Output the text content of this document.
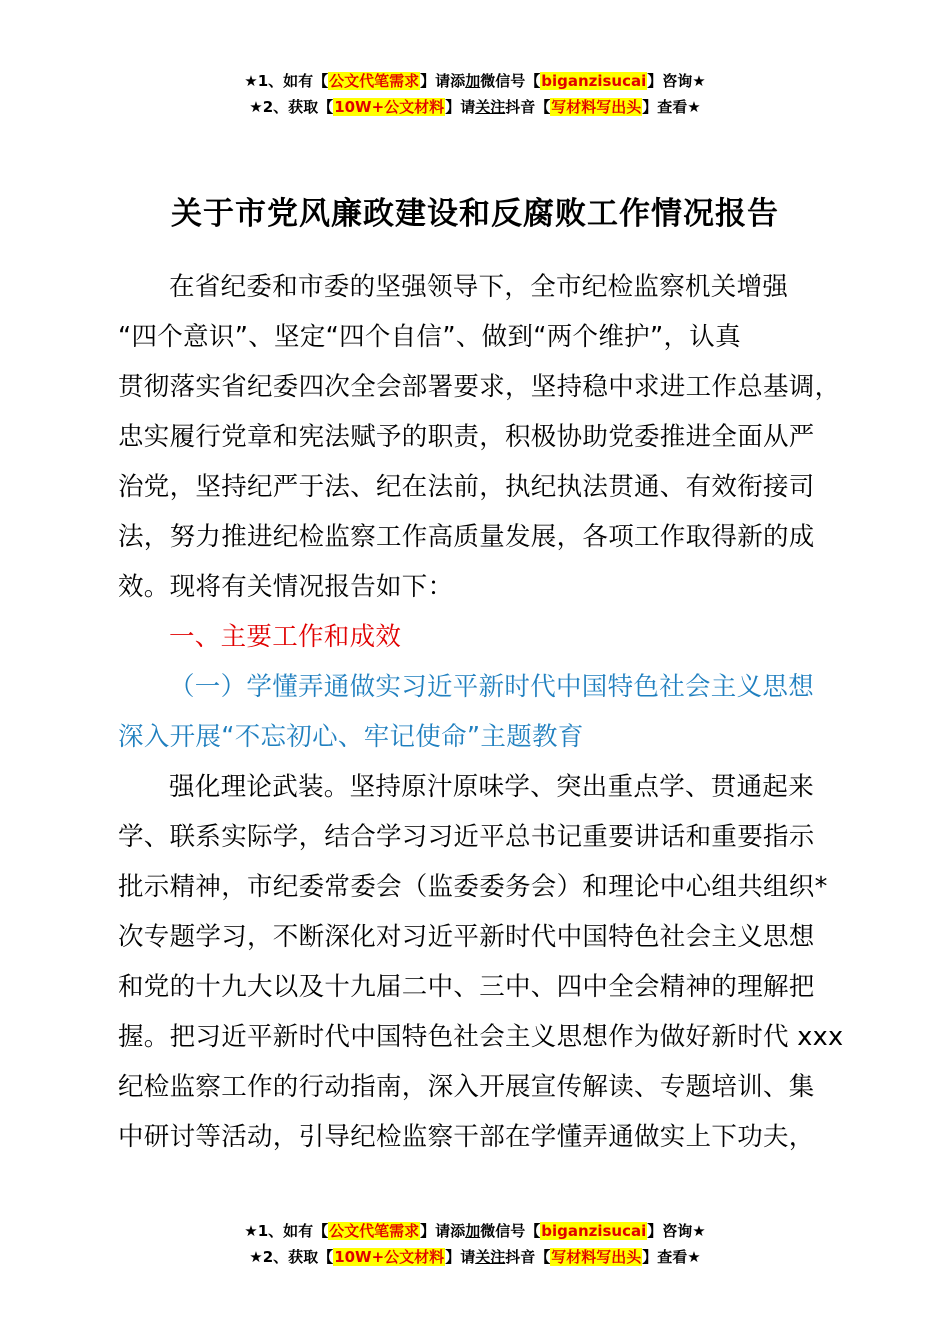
★1、如有【公文代笔需求】请添加微信号【biganzisucai】咨询★
★2、获取【10W+公文材料】请关注抖音【写材料写出头】查看★
关于市党风廉政建设和反腐败工作情况报告
在省纪委和市委的坚强领导下，全市纪检监察机关增强
“四个意识”、坚定“四个自信”、做到“两个维护”，认真
贯彻落实省纪委四次全会部署要求，坚持稳中求进工作总基调，
忠实履行党章和宪法赋予的职责，积极协助党委推进全面从严
治党，坚持纪严于法、纪在法前，执纪执法贯通、有效衔接司
法，努力推进纪检监察工作高质量发展，各项工作取得新的成
效。现将有关情况报告如下：
一、主要工作和成效
（一）学懂弄通做实习近平新时代中国特色社会主义思想
深入开展“不忘初心、牢记使命”主题教育
强化理论武装。坚持原汁原味学、突出重点学、贯通起来
学、联系实际学，结合学习习近平总书记重要讲话和重要指示
批示精神，市纪委常委会（监委委务会）和理论中心组共组织*
次专题学习，不断深化对习近平新时代中国特色社会主义思想
和党的十九大以及十九届二中、三中、四中全会精神的理解把
握。把习近平新时代中国特色社会主义思想作为做好新时代 xxx
纪检监察工作的行动指南，深入开展宣传解读、专题培训、集
中研讨等活动，引导纪检监察干部在学懂弄通做实上下功夫，
★1、如有【公文代笔需求】请添加微信号【biganzisucai】咨询★
★2、获取【10W+公文材料】请关注抖音【写材料写出头】查看★
